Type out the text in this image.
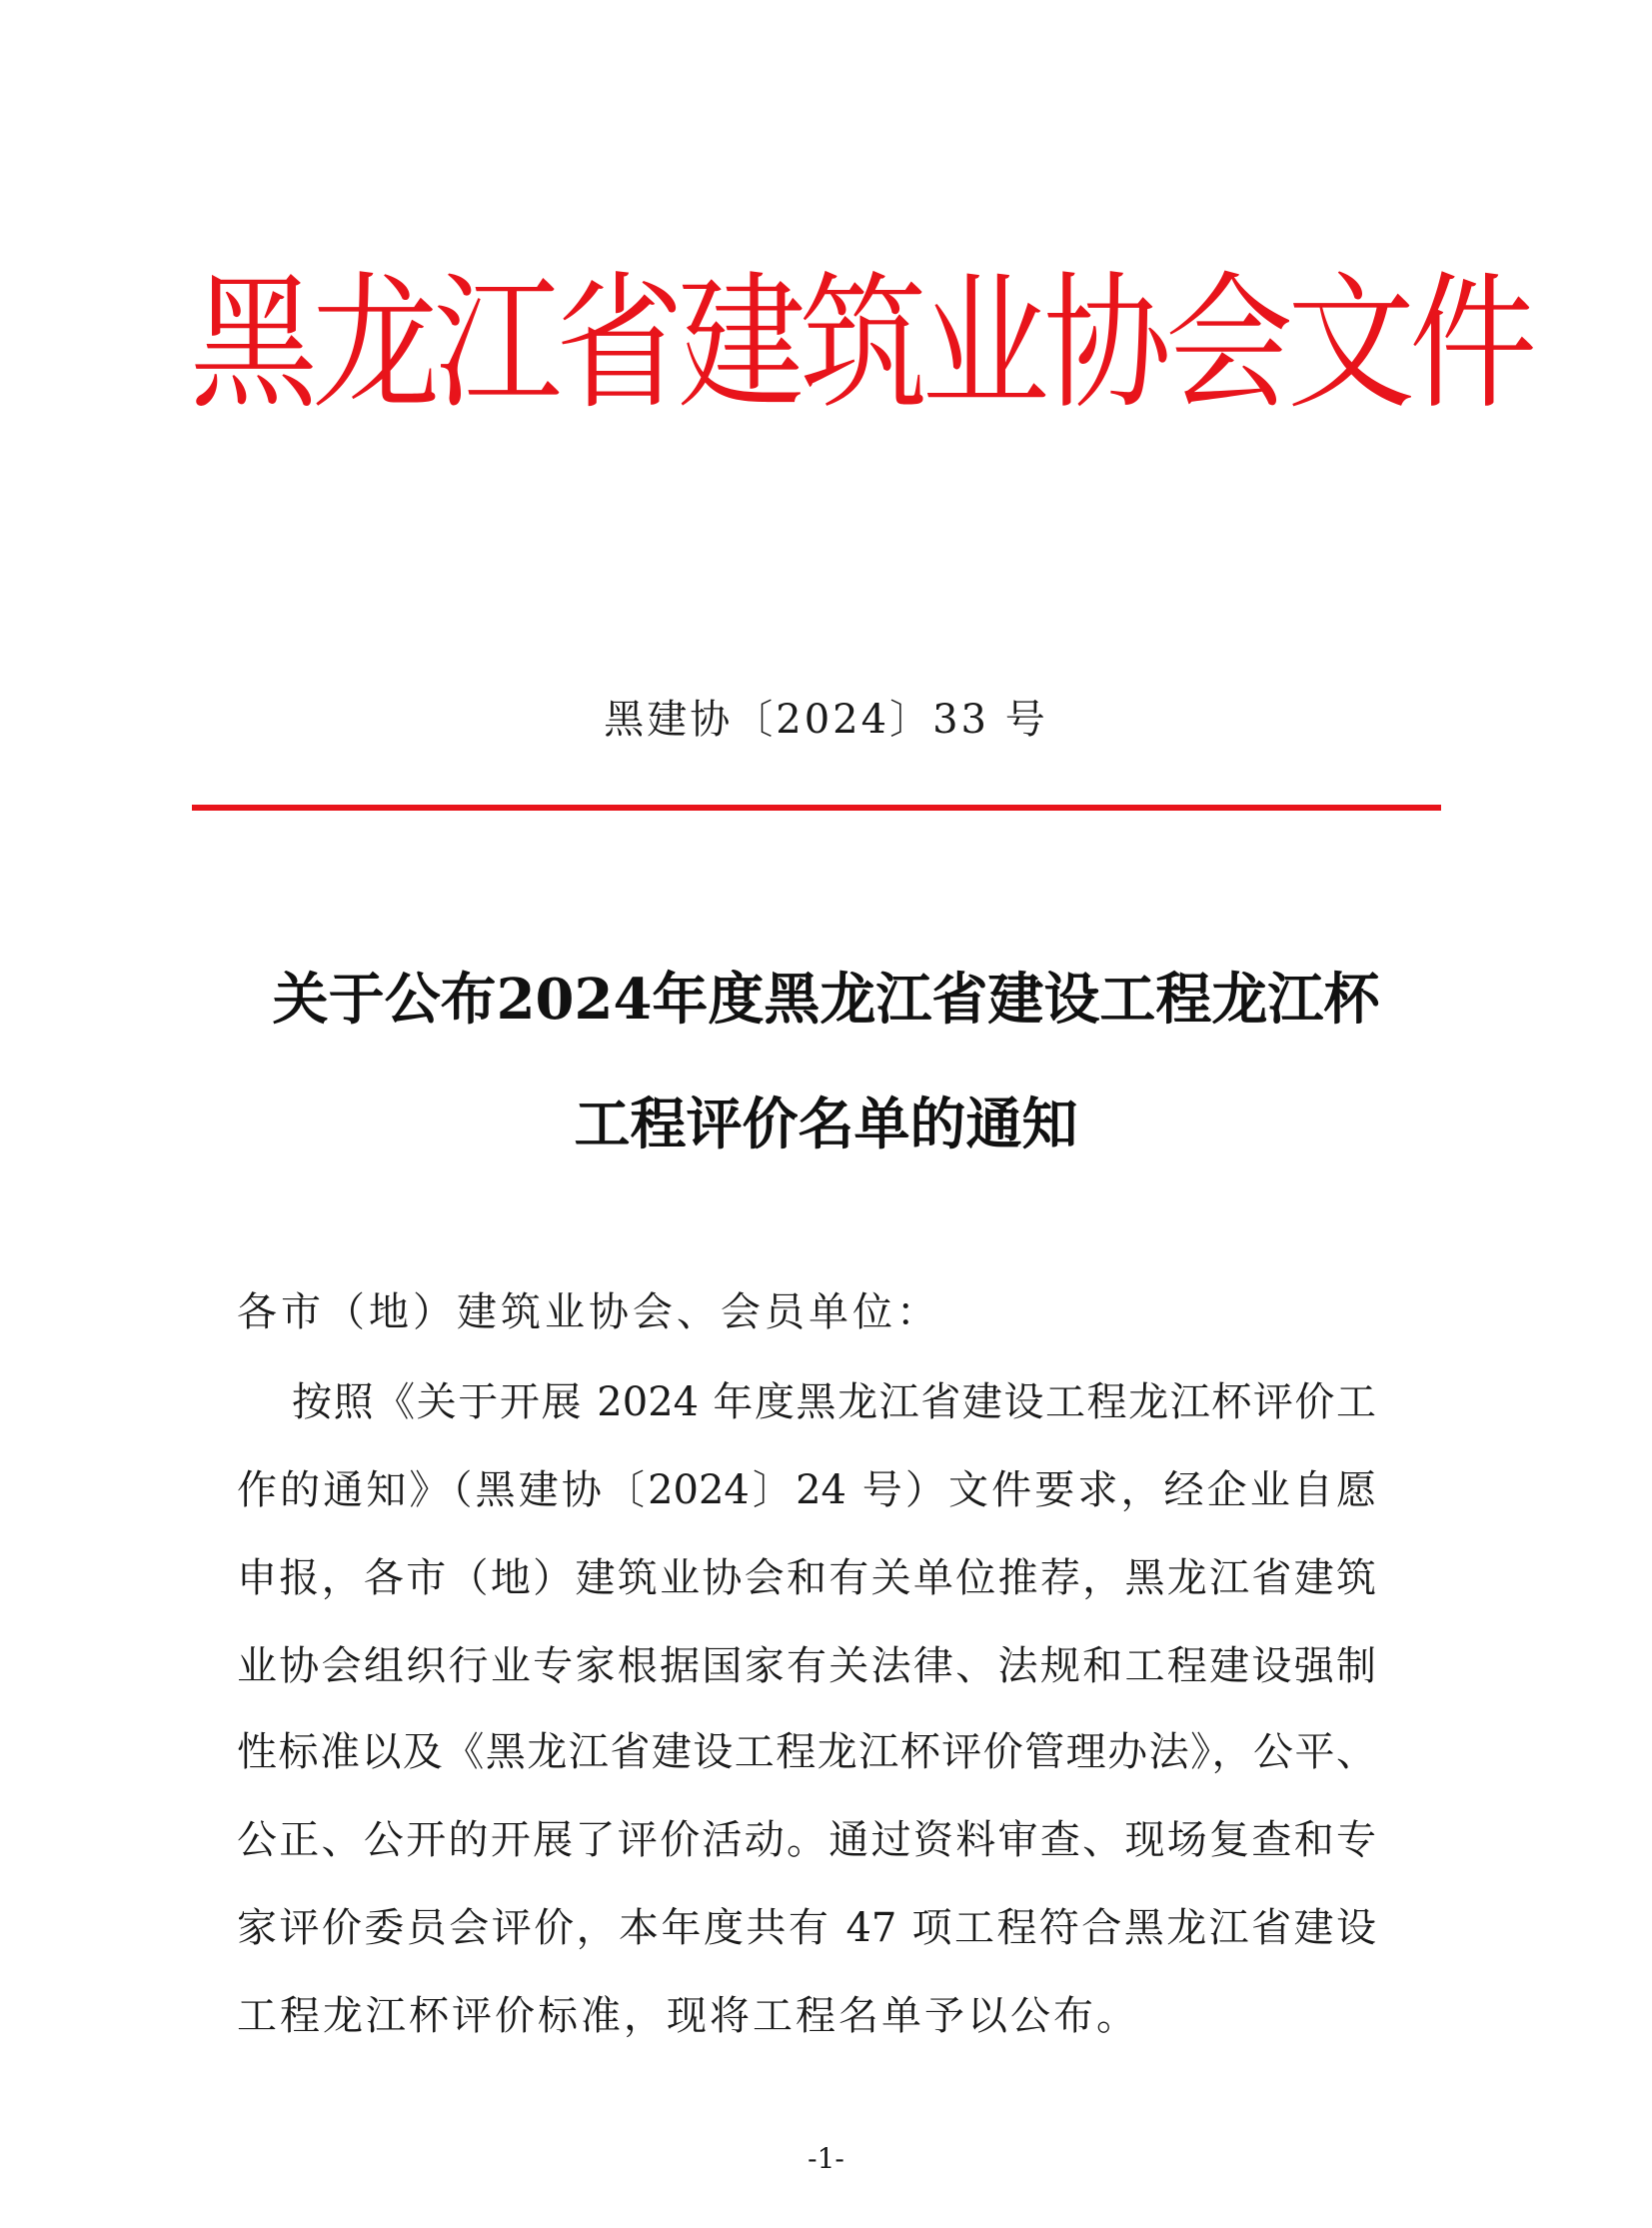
黑龙江省建筑业协会文件
黑建协〔2024〕33 号
关于公布2024年度黑龙江省建设工程龙江杯
工程评价名单的通知
各市（地）建筑业协会、会员单位：
按照《关于开展 2024 年度黑龙江省建设工程龙江杯评价工
作的通知》（黑建协〔2024〕24 号）文件要求，经企业自愿
申报，各市（地）建筑业协会和有关单位推荐，黑龙江省建筑
业协会组织行业专家根据国家有关法律、法规和工程建设强制
性标准以及《黑龙江省建设工程龙江杯评价管理办法》，公平、
公正、公开的开展了评价活动。通过资料审查、现场复查和专
家评价委员会评价，本年度共有 47 项工程符合黑龙江省建设
工程龙江杯评价标准，现将工程名单予以公布。
-1-
